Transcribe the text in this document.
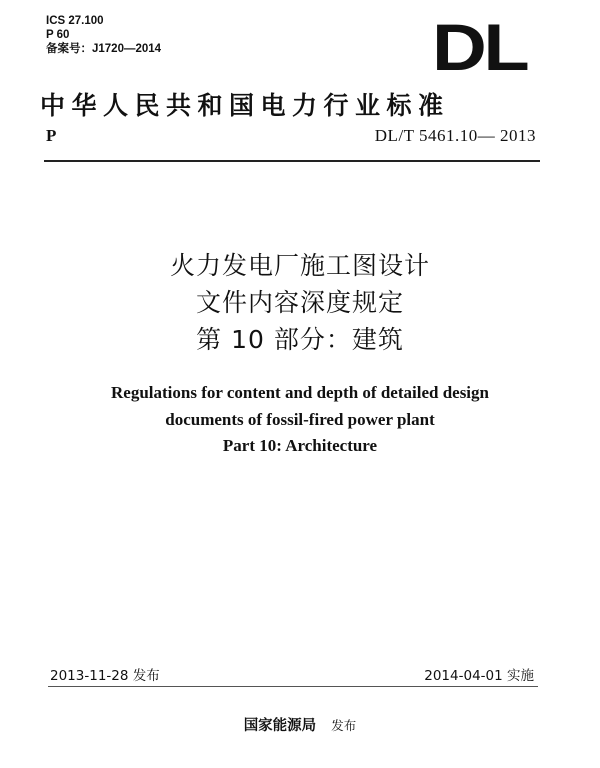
ICS 27.100
P 60
备案号：J1720—2014	DL
中华人民共和国电力行业标准
P	DL/T 5461.10— 2013
火力发电厂施工图设计
文件内容深度规定
第 10 部分：建筑
Regulations for content and depth of detailed design
documents of fossil-fired power plant
Part 10: Architecture
2013-11-28 发布	2014-04-01 实施
国家能源局 发布
